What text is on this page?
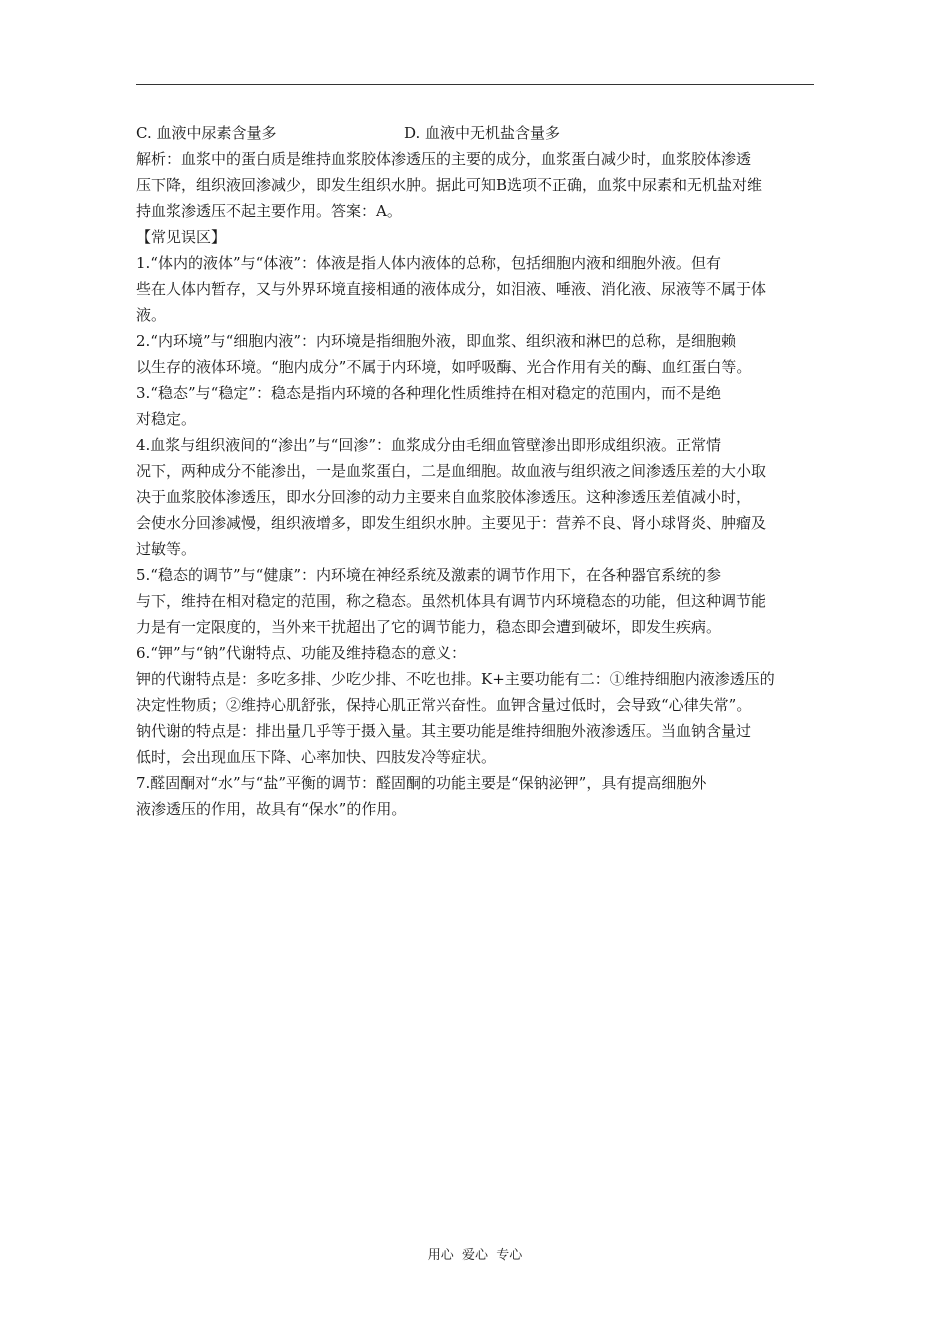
C. 血液中尿素含量多	D. 血液中无机盐含量多
解析：血浆中的蛋白质是维持血浆胶体渗透压的主要的成分，血浆蛋白减少时，血浆胶体渗透
压下降，组织液回渗减少，即发生组织水肿。据此可知B选项不正确，血浆中尿素和无机盐对维
持血浆渗透压不起主要作用。答案：A。
【常见误区】
1.“体内的液体”与“体液”：体液是指人体内液体的总称，包括细胞内液和细胞外液。但有
些在人体内暂存，又与外界环境直接相通的液体成分，如泪液、唾液、消化液、尿液等不属于体
液。
2.“内环境”与“细胞内液”：内环境是指细胞外液，即血浆、组织液和淋巴的总称，是细胞赖
以生存的液体环境。“胞内成分”不属于内环境，如呼吸酶、光合作用有关的酶、血红蛋白等。
3.“稳态”与“稳定”：稳态是指内环境的各种理化性质维持在相对稳定的范围内，而不是绝
对稳定。
4.血浆与组织液间的“渗出”与“回渗”：血浆成分由毛细血管壁渗出即形成组织液。正常情
况下，两种成分不能渗出，一是血浆蛋白，二是血细胞。故血液与组织液之间渗透压差的大小取
决于血浆胶体渗透压，即水分回渗的动力主要来自血浆胶体渗透压。这种渗透压差值减小时，
会使水分回渗减慢，组织液增多，即发生组织水肿。主要见于：营养不良、肾小球肾炎、肿瘤及
过敏等。
5.“稳态的调节”与“健康”：内环境在神经系统及激素的调节作用下，在各种器官系统的参
与下，维持在相对稳定的范围，称之稳态。虽然机体具有调节内环境稳态的功能，但这种调节能
力是有一定限度的，当外来干扰超出了它的调节能力，稳态即会遭到破坏，即发生疾病。
6.“钾”与“钠”代谢特点、功能及维持稳态的意义：
钾的代谢特点是：多吃多排、少吃少排、不吃也排。K+主要功能有二：①维持细胞内液渗透压的
决定性物质；②维持心肌舒张，保持心肌正常兴奋性。血钾含量过低时，会导致“心律失常”。
钠代谢的特点是：排出量几乎等于摄入量。其主要功能是维持细胞外液渗透压。当血钠含量过
低时，会出现血压下降、心率加快、四肢发冷等症状。
7.醛固酮对“水”与“盐”平衡的调节：醛固酮的功能主要是“保钠泌钾”，具有提高细胞外
液渗透压的作用，故具有“保水”的作用。
用心  爱心  专心
